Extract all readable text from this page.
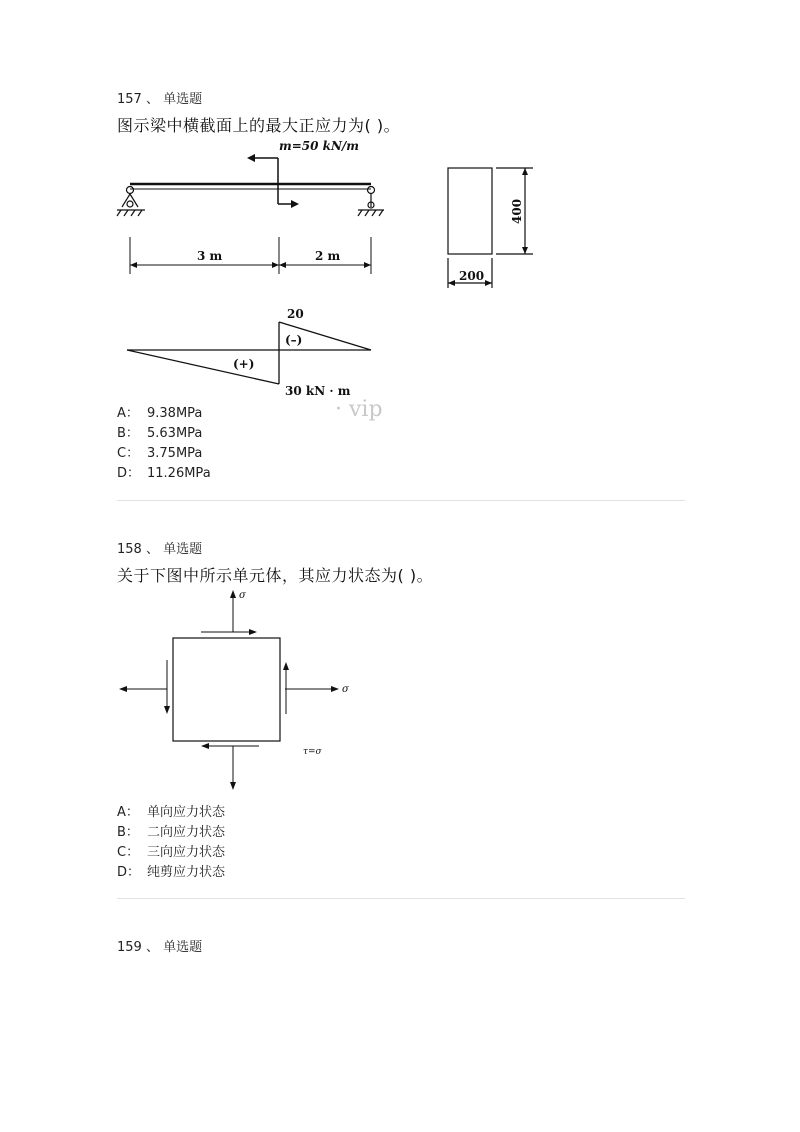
157 、 单选题
图示梁中横截面上的最大正应力为( )。
m=50 kN/m
3 m	2 m
400
200
20
(–)
(+)
30 kN · m
· vip
A： 9.38MPa
B： 5.63MPa
C： 3.75MPa
D： 11.26MPa
158 、 单选题
关于下图中所示单元体，其应力状态为( )。
σ
σ
τ=σ
A： 单向应力状态
B： 二向应力状态
C： 三向应力状态
D： 纯剪应力状态
159 、 单选题
